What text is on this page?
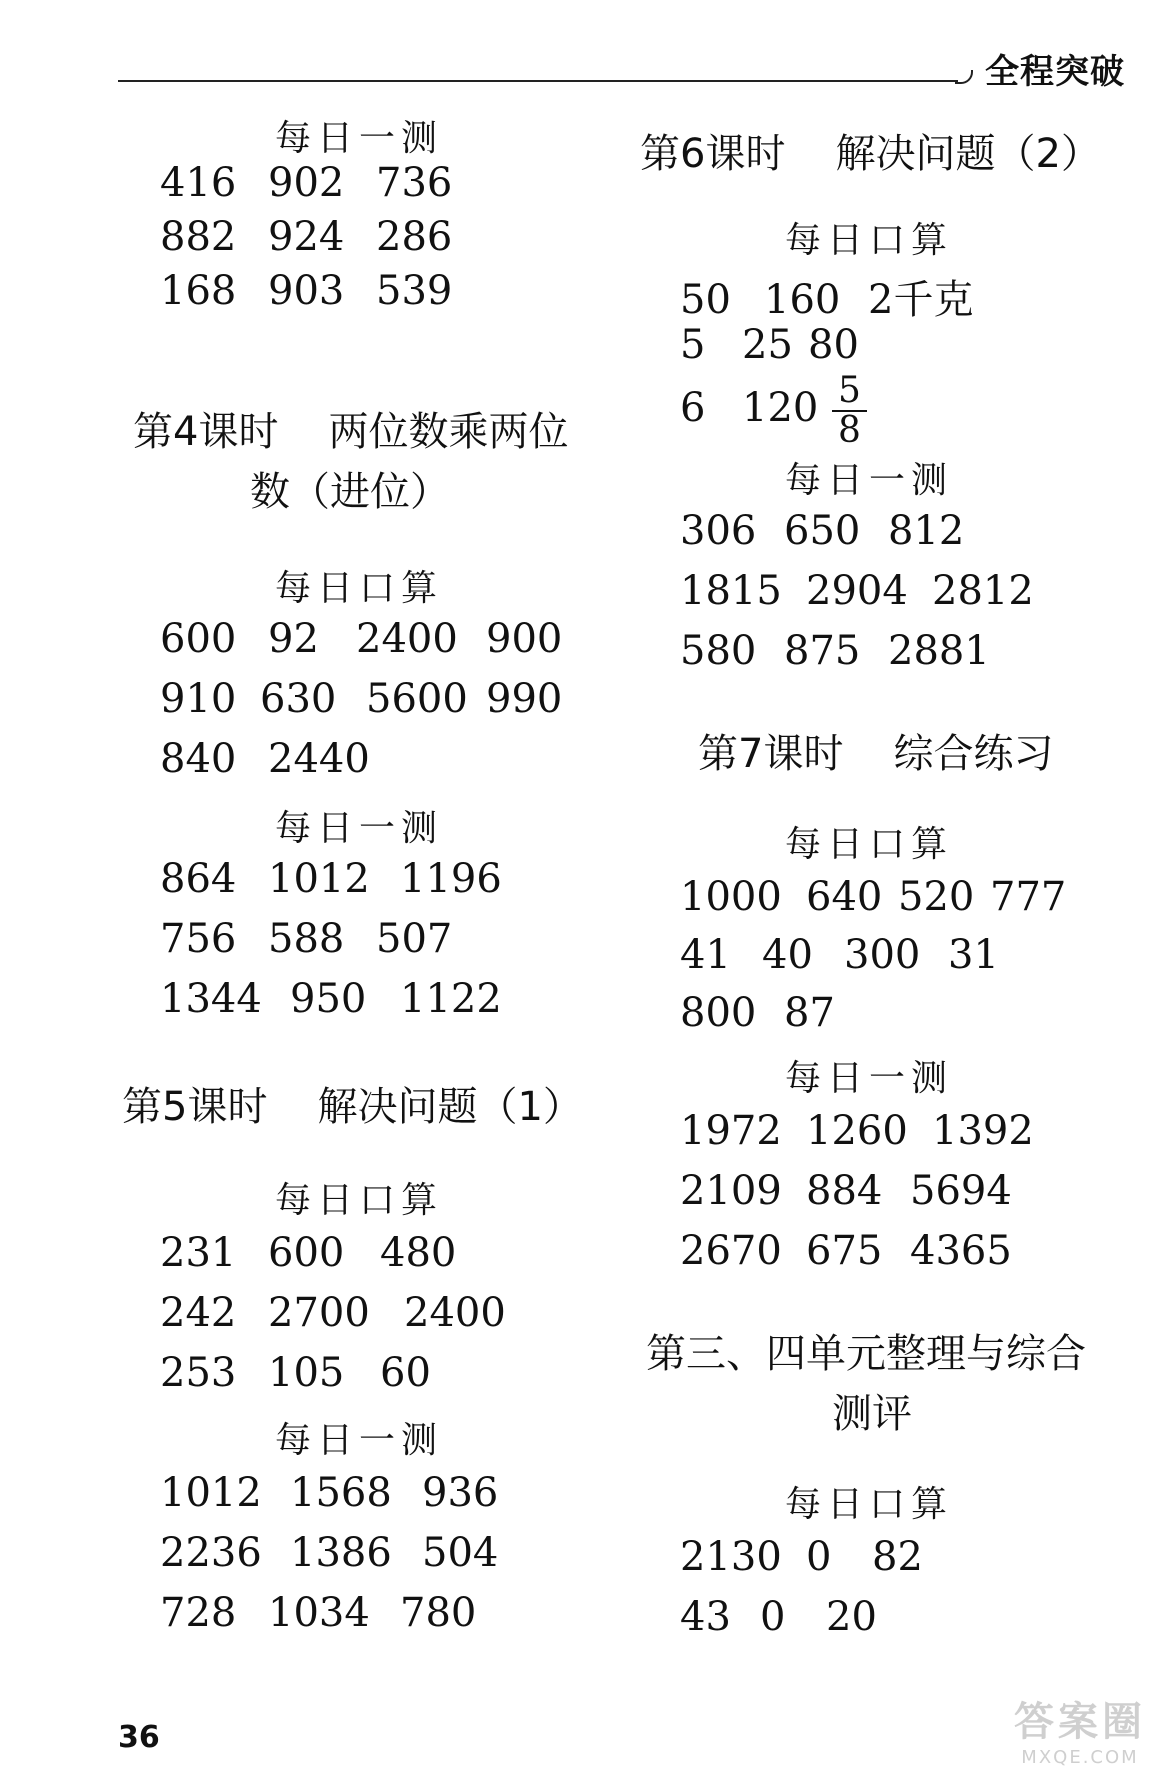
全程突破
每日一测
416 902 736
882 924 286
168 903 539
第4课时 两位数乘两位
数（进位）
每日口算
600 92 2400 900
910 630 5600 990
840 2440
每日一测
864 1012 1196
756 588 507
1344 950 1122
第5课时 解决问题（1）
每日口算
231 600 480
242 2700 2400
253 105 60
每日一测
1012 1568 936
2236 1386 504
728 1034 780
第6课时 解决问题（2）
每日口算
50 160 2千克
5 25 80
6 $120 \frac{5}{8}$
每日一测
306 650 812
1815 2904 2812
580 875 2881
第7课时 综合练习
每日口算
1000 640 520 777
41 40 300 31
800 87
每日一测
1972 1260 1392
2109 884 5694
2670 675 4365
第三、四单元整理与综合
测评
每日口算
2130 0 82
43 0 20
36	答案圈
MXQE.COM
